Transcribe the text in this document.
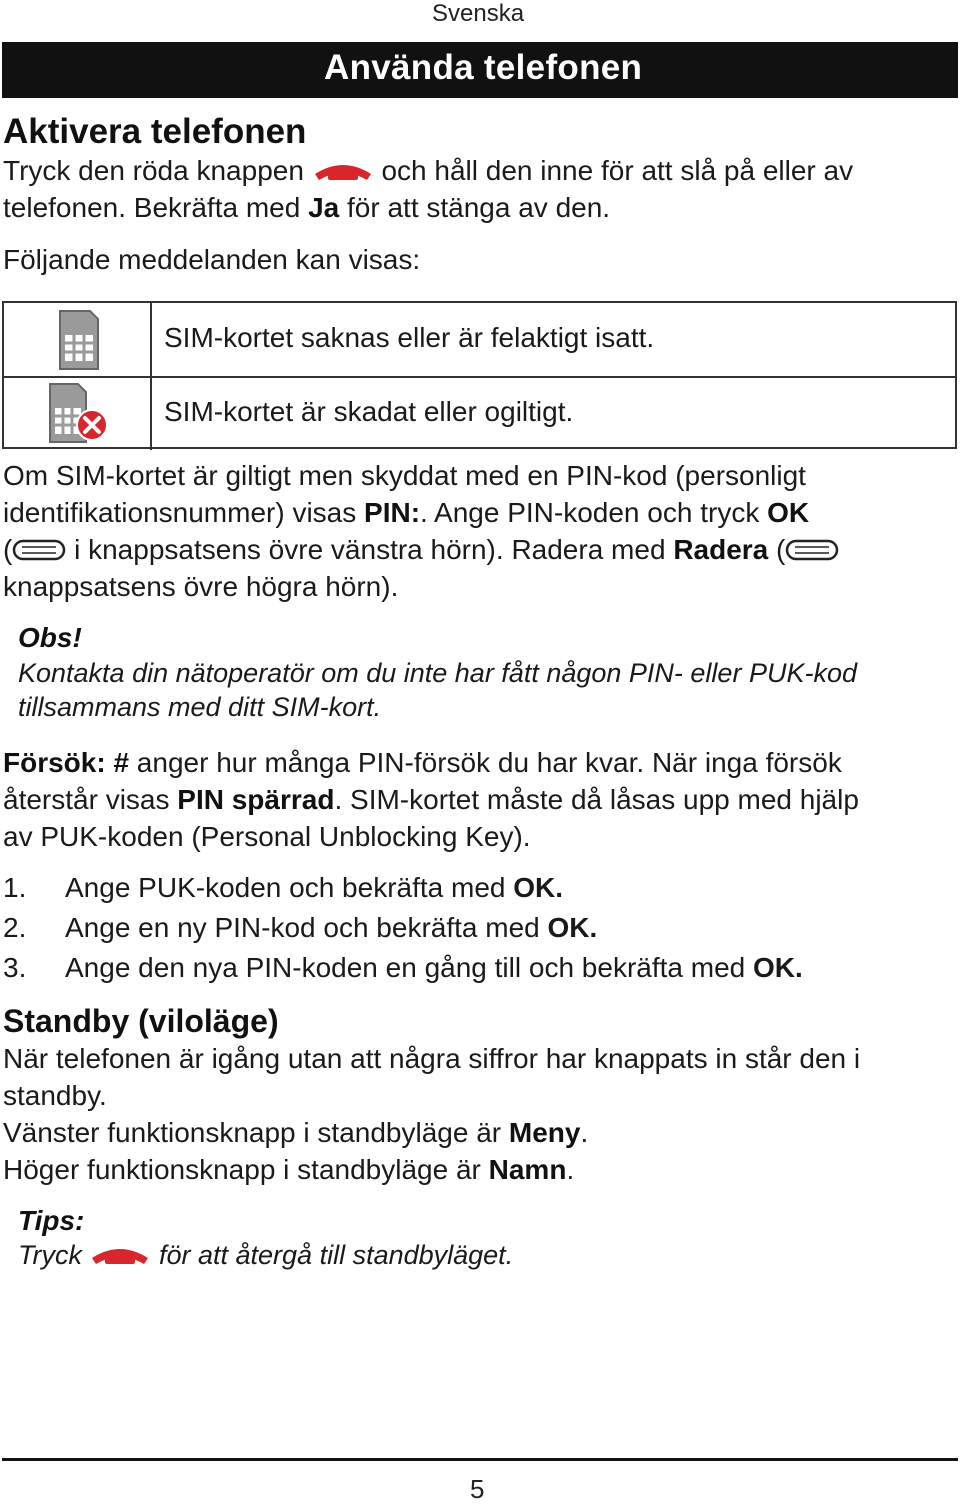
Svenska
Använda telefonen
Aktivera telefonen
Tryck den röda knappen  och håll den inne för att slå på eller av
telefonen. Bekräfta med Ja för att stänga av den.
Följande meddelanden kan visas:
SIM-kortet saknas eller är felaktigt isatt.
SIM-kortet är skadat eller ogiltigt.
Om SIM-kortet är giltigt men skyddat med en PIN-kod (personligt
identifikationsnummer) visas PIN:. Ange PIN-koden och tryck OK
( i knappsatsens övre vänstra hörn). Radera med Radera (
knappsatsens övre högra hörn).
Obs!
Kontakta din nätoperatör om du inte har fått någon PIN- eller PUK-kod
tillsammans med ditt SIM-kort.
Försök: # anger hur många PIN-försök du har kvar. När inga försök
återstår visas PIN spärrad. SIM-kortet måste då låsas upp med hjälp
av PUK-koden (Personal Unblocking Key).
1. Ange PUK-koden och bekräfta med OK.
2. Ange en ny PIN-kod och bekräfta med OK.
3. Ange den nya PIN-koden en gång till och bekräfta med OK.
Standby (viloläge)
När telefonen är igång utan att några siffror har knappats in står den i
standby.
Vänster funktionsknapp i standbyläge är Meny.
Höger funktionsknapp i standbyläge är Namn.
Tips:
Tryck  för att återgå till standbyläget.
5
